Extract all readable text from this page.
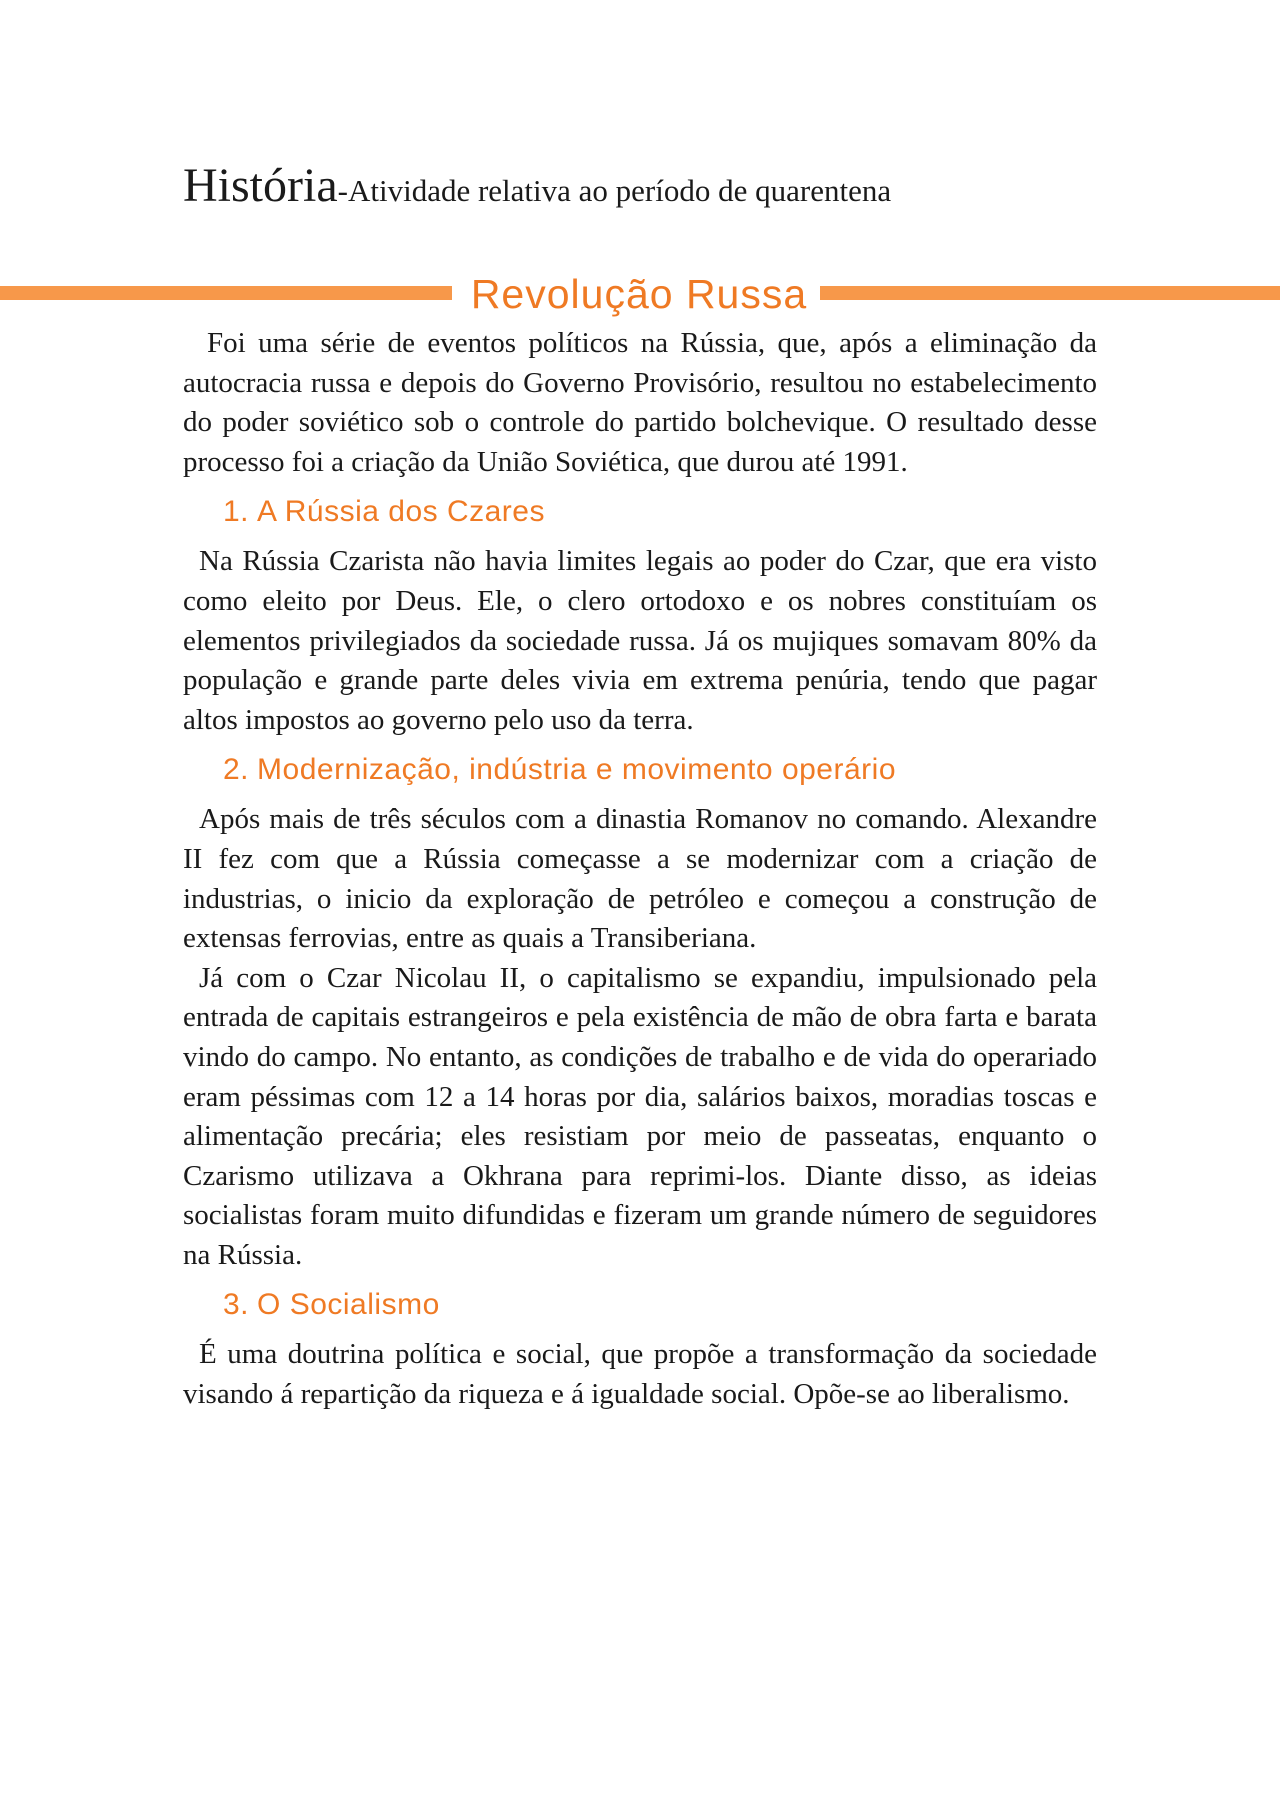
História-Atividade relativa ao período de quarentena
Revolução Russa

Foi uma série de eventos políticos na Rússia, que, após a eliminação da autocracia russa e depois do Governo Provisório, resultou no estabelecimento do poder soviético sob o controle do partido bolchevique. O resultado desse processo foi a criação da União Soviética, que durou até 1991.

1. A Rússia dos Czares

Na Rússia Czarista não havia limites legais ao poder do Czar, que era visto como eleito por Deus. Ele, o clero ortodoxo e os nobres constituíam os elementos privilegiados da sociedade russa. Já os mujiques somavam 80% da população e grande parte deles vivia em extrema penúria, tendo que pagar altos impostos ao governo pelo uso da terra.

2. Modernização, indústria e movimento operário

Após mais de três séculos com a dinastia Romanov no comando. Alexandre II fez com que a Rússia começasse a se modernizar com a criação de industrias, o inicio da exploração de petróleo e começou a construção de extensas ferrovias, entre as quais a Transiberiana.

Já com o Czar Nicolau II, o capitalismo se expandiu, impulsionado pela entrada de capitais estrangeiros e pela existência de mão de obra farta e barata vindo do campo. No entanto, as condições de trabalho e de vida do operariado eram péssimas com 12 a 14 horas por dia, salários baixos, moradias toscas e alimentação precária; eles resistiam por meio de passeatas, enquanto o Czarismo utilizava a Okhrana para reprimi-los. Diante disso, as ideias socialistas foram muito difundidas e fizeram um grande número de seguidores na Rússia.

3. O Socialismo

É uma doutrina política e social, que propõe a transformação da sociedade visando á repartição da riqueza e á igualdade social. Opõe-se ao liberalismo.
